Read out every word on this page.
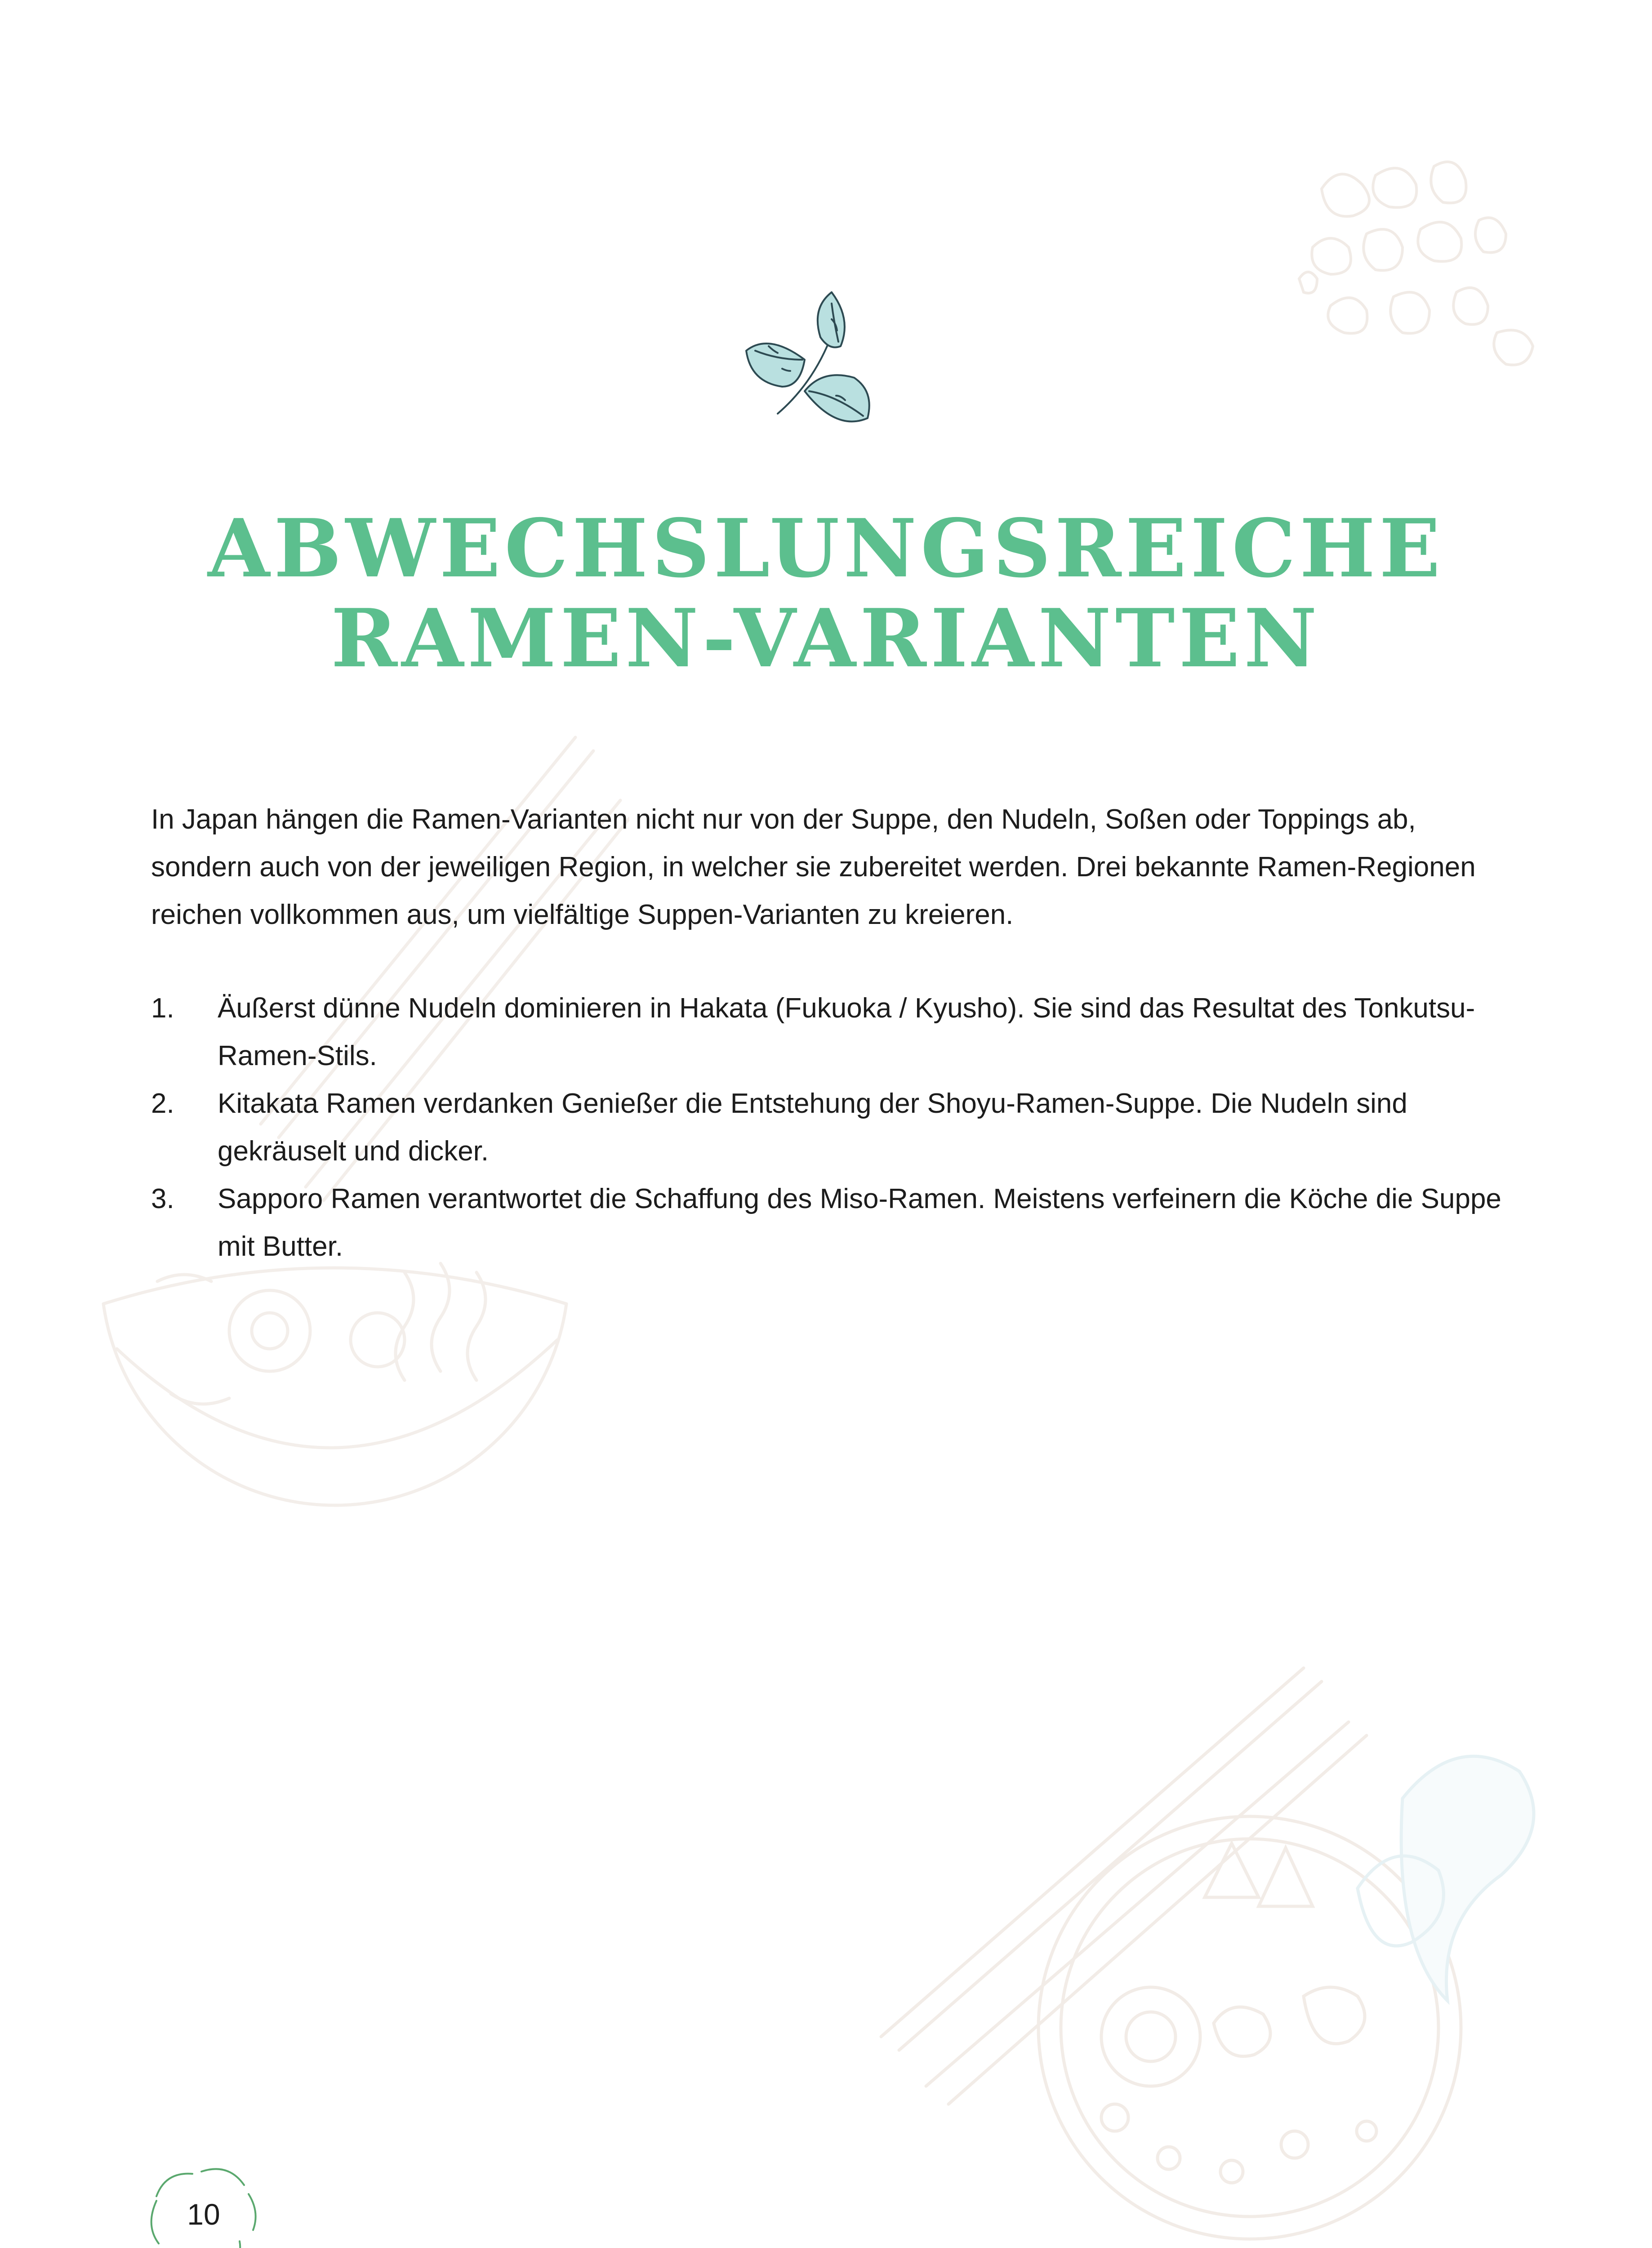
ABWECHSLUNGSREICHE
RAMEN-VARIANTEN

In Japan hängen die Ramen-Varianten nicht nur von der Suppe, den Nudeln, Soßen oder Toppings ab, sondern auch von der jeweiligen Region, in welcher sie zubereitet werden. Drei bekannte Ramen-Regionen reichen vollkommen aus, um vielfältige Suppen-Varianten zu kreieren.

1. Äußerst dünne Nudeln dominieren in Hakata (Fukuoka / Kyusho). Sie sind das Resultat des Tonkutsu-Ramen-Stils.
2. Kitakata Ramen verdanken Genießer die Entstehung der Shoyu-Ramen-Suppe. Die Nudeln sind gekräuselt und dicker.
3. Sapporo Ramen verantwortet die Schaffung des Miso-Ramen. Meistens verfeinern die Köche die Suppe mit Butter.
10
